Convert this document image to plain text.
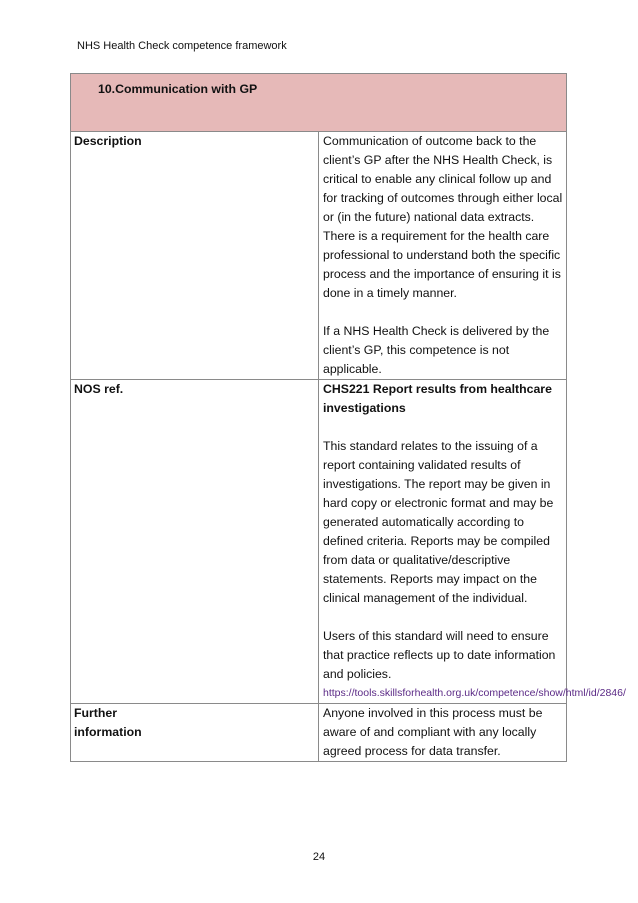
NHS Health Check competence framework
10.Communication with GP	
Description	Communication of outcome back to the client’s GP after the NHS Health Check, is critical to enable any clinical follow up and for tracking of outcomes through either local or (in the future) national data extracts. There is a requirement for the health care professional to understand both the specific process and the importance of ensuring it is done in a timely manner.

If a NHS Health Check is delivered by the client’s GP, this competence is not applicable.

NOS ref.	CHS221 Report results from healthcare investigations

This standard relates to the issuing of a report containing validated results of investigations. The report may be given in hard copy or electronic format and may be generated automatically according to defined criteria. Reports may be compiled from data or qualitative/descriptive statements. Reports may impact on the clinical management of the individual.

Users of this standard will need to ensure that practice reflects up to date information and policies.

https://tools.skillsforhealth.org.uk/competence/show/html/id/2846/

Further
information	Anyone involved in this process must be aware of and compliant with any locally agreed process for data transfer.
24
